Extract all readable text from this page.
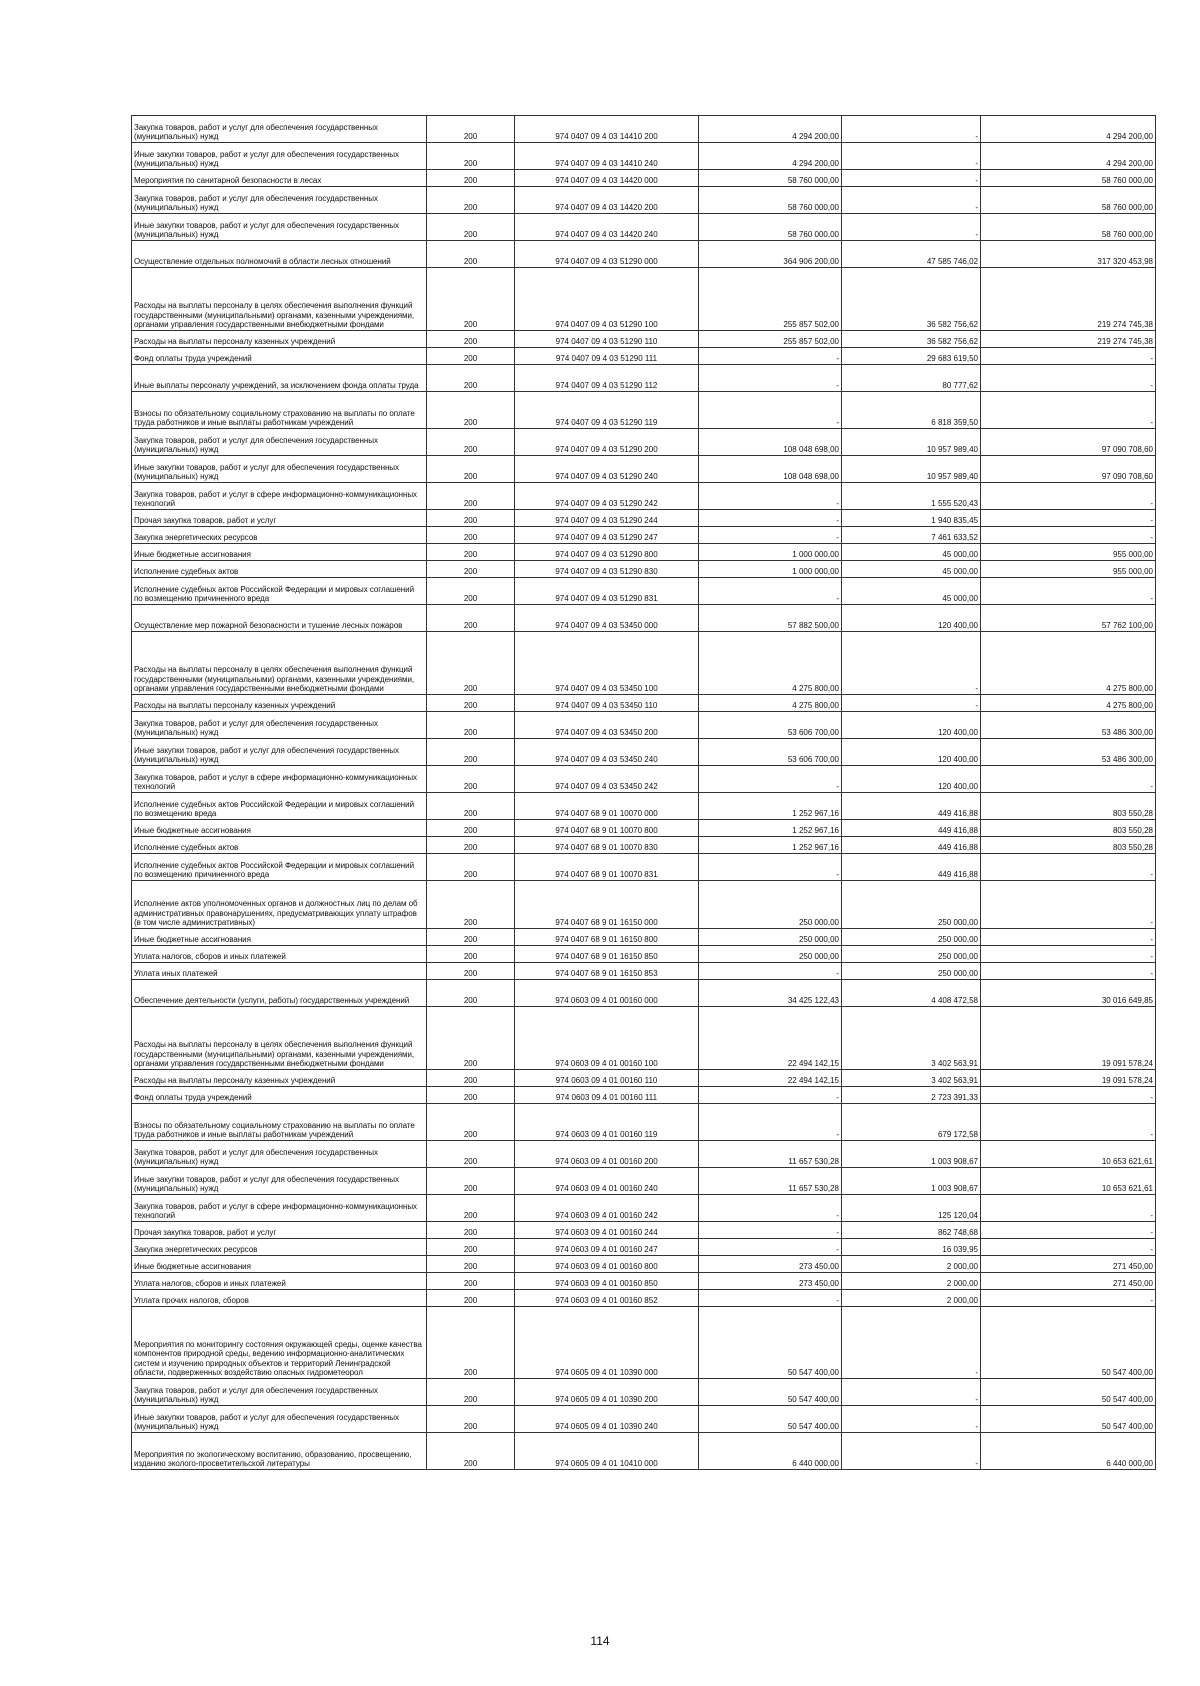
Закупка товаров, работ и услуг для обеспечения государственных (муниципальных) нужд	200	974 0407 09 4 03 14410 200	4 294 200,00	-	4 294 200,00
Иные закупки товаров, работ и услуг для обеспечения государственных (муниципальных) нужд	200	974 0407 09 4 03 14410 240	4 294 200,00	-	4 294 200,00
Мероприятия по санитарной безопасности в лесах	200	974 0407 09 4 03 14420 000	58 760 000,00	-	58 760 000,00
Закупка товаров, работ и услуг для обеспечения государственных (муниципальных) нужд	200	974 0407 09 4 03 14420 200	58 760 000,00	-	58 760 000,00
Иные закупки товаров, работ и услуг для обеспечения государственных (муниципальных) нужд	200	974 0407 09 4 03 14420 240	58 760 000,00	-	58 760 000,00
Осуществление отдельных полномочий в области лесных отношений	200	974 0407 09 4 03 51290 000	364 906 200,00	47 585 746,02	317 320 453,98
Расходы на выплаты персоналу в целях обеспечения выполнения функций государственными (муниципальными) органами, казенными учреждениями, органами управления государственными внебюджетными фондами	200	974 0407 09 4 03 51290 100	255 857 502,00	36 582 756,62	219 274 745,38
Расходы на выплаты персоналу казенных учреждений	200	974 0407 09 4 03 51290 110	255 857 502,00	36 582 756,62	219 274 745,38
Фонд оплаты труда учреждений	200	974 0407 09 4 03 51290 111	-	29 683 619,50	-
Иные выплаты персоналу учреждений, за исключением фонда оплаты труда	200	974 0407 09 4 03 51290 112	-	80 777,62	-
Взносы по обязательному социальному страхованию на выплаты по оплате труда работников и иные выплаты работникам учреждений	200	974 0407 09 4 03 51290 119	-	6 818 359,50	-
Закупка товаров, работ и услуг для обеспечения государственных (муниципальных) нужд	200	974 0407 09 4 03 51290 200	108 048 698,00	10 957 989,40	97 090 708,60
Иные закупки товаров, работ и услуг для обеспечения государственных (муниципальных) нужд	200	974 0407 09 4 03 51290 240	108 048 698,00	10 957 989,40	97 090 708,60
Закупка товаров, работ и услуг в сфере информационно-коммуникационных технологий	200	974 0407 09 4 03 51290 242	-	1 555 520,43	-
Прочая закупка товаров, работ и услуг	200	974 0407 09 4 03 51290 244	-	1 940 835,45	-
Закупка энергетических ресурсов	200	974 0407 09 4 03 51290 247	-	7 461 633,52	-
Иные бюджетные ассигнования	200	974 0407 09 4 03 51290 800	1 000 000,00	45 000,00	955 000,00
Исполнение судебных актов	200	974 0407 09 4 03 51290 830	1 000 000,00	45 000,00	955 000,00
Исполнение судебных актов Российской Федерации и мировых соглашений по возмещению причиненного вреда	200	974 0407 09 4 03 51290 831	-	45 000,00	-
Осуществление мер пожарной безопасности и тушение лесных пожаров	200	974 0407 09 4 03 53450 000	57 882 500,00	120 400,00	57 762 100,00
Расходы на выплаты персоналу в целях обеспечения выполнения функций государственными (муниципальными) органами, казенными учреждениями, органами управления государственными внебюджетными фондами	200	974 0407 09 4 03 53450 100	4 275 800,00	-	4 275 800,00
Расходы на выплаты персоналу казенных учреждений	200	974 0407 09 4 03 53450 110	4 275 800,00	-	4 275 800,00
Закупка товаров, работ и услуг для обеспечения государственных (муниципальных) нужд	200	974 0407 09 4 03 53450 200	53 606 700,00	120 400,00	53 486 300,00
Иные закупки товаров, работ и услуг для обеспечения государственных (муниципальных) нужд	200	974 0407 09 4 03 53450 240	53 606 700,00	120 400,00	53 486 300,00
Закупка товаров, работ и услуг в сфере информационно-коммуникационных технологий	200	974 0407 09 4 03 53450 242	-	120 400,00	-
Исполнение судебных актов Российской Федерации и мировых соглашений по возмещению вреда	200	974 0407 68 9 01 10070 000	1 252 967,16	449 416,88	803 550,28
Иные бюджетные ассигнования	200	974 0407 68 9 01 10070 800	1 252 967,16	449 416,88	803 550,28
Исполнение судебных актов	200	974 0407 68 9 01 10070 830	1 252 967,16	449 416,88	803 550,28
Исполнение судебных актов Российской Федерации и мировых соглашений по возмещению причиненного вреда	200	974 0407 68 9 01 10070 831	-	449 416,88	-
Исполнение актов уполномоченных органов и должностных лиц по делам об административных правонарушениях, предусматривающих уплату штрафов (в том числе административных)	200	974 0407 68 9 01 16150 000	250 000,00	250 000,00	-
Иные бюджетные ассигнования	200	974 0407 68 9 01 16150 800	250 000,00	250 000,00	-
Уплата налогов, сборов и иных платежей	200	974 0407 68 9 01 16150 850	250 000,00	250 000,00	-
Уплата иных платежей	200	974 0407 68 9 01 16150 853	-	250 000,00	-
Обеспечение деятельности (услуги, работы) государственных учреждений	200	974 0603 09 4 01 00160 000	34 425 122,43	4 408 472,58	30 016 649,85
Расходы на выплаты персоналу в целях обеспечения выполнения функций государственными (муниципальными) органами, казенными учреждениями, органами управления государственными внебюджетными фондами	200	974 0603 09 4 01 00160 100	22 494 142,15	3 402 563,91	19 091 578,24
Расходы на выплаты персоналу казенных учреждений	200	974 0603 09 4 01 00160 110	22 494 142,15	3 402 563,91	19 091 578,24
Фонд оплаты труда учреждений	200	974 0603 09 4 01 00160 111	-	2 723 391,33	-
Взносы по обязательному социальному страхованию на выплаты по оплате труда работников и иные выплаты работникам учреждений	200	974 0603 09 4 01 00160 119	-	679 172,58	-
Закупка товаров, работ и услуг для обеспечения государственных (муниципальных) нужд	200	974 0603 09 4 01 00160 200	11 657 530,28	1 003 908,67	10 653 621,61
Иные закупки товаров, работ и услуг для обеспечения государственных (муниципальных) нужд	200	974 0603 09 4 01 00160 240	11 657 530,28	1 003 908,67	10 653 621,61
Закупка товаров, работ и услуг в сфере информационно-коммуникационных технологий	200	974 0603 09 4 01 00160 242	-	125 120,04	-
Прочая закупка товаров, работ и услуг	200	974 0603 09 4 01 00160 244	-	862 748,68	-
Закупка энергетических ресурсов	200	974 0603 09 4 01 00160 247	-	16 039,95	-
Иные бюджетные ассигнования	200	974 0603 09 4 01 00160 800	273 450,00	2 000,00	271 450,00
Уплата налогов, сборов и иных платежей	200	974 0603 09 4 01 00160 850	273 450,00	2 000,00	271 450,00
Уплата прочих налогов, сборов	200	974 0603 09 4 01 00160 852	-	2 000,00	-
Мероприятия по мониторингу состояния окружающей среды, оценке качества компонентов природной среды, ведению информационно-аналитических систем и изучению природных объектов и территорий Ленинградской области, подверженных воздействию опасных гидрометеорол	200	974 0605 09 4 01 10390 000	50 547 400,00	-	50 547 400,00
Закупка товаров, работ и услуг для обеспечения государственных (муниципальных) нужд	200	974 0605 09 4 01 10390 200	50 547 400,00	-	50 547 400,00
Иные закупки товаров, работ и услуг для обеспечения государственных (муниципальных) нужд	200	974 0605 09 4 01 10390 240	50 547 400,00	-	50 547 400,00
Мероприятия по экологическому воспитанию, образованию, просвещению, изданию эколого-просветительской литературы	200	974 0605 09 4 01 10410 000	6 440 000,00	-	6 440 000,00
114
